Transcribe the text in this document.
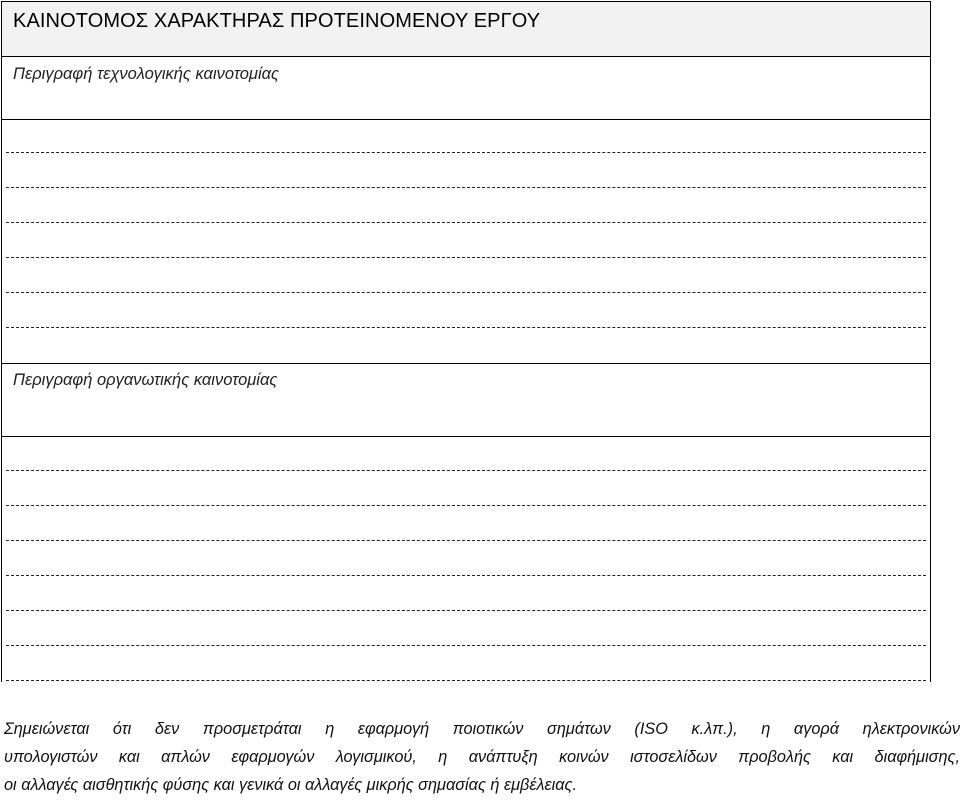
ΚΑΙΝΟΤΟΜΟΣ ΧΑΡΑΚΤΗΡΑΣ ΠΡΟΤΕΙΝΟΜΕΝΟΥ ΕΡΓΟΥ
Περιγραφή τεχνολογικής καινοτομίας
Περιγραφή οργανωτικής καινοτομίας
Σημειώνεται ότι δεν προσμετράται η εφαρμογή ποιοτικών σημάτων (ISO κ.λπ.), η αγορά ηλεκτρονικών
υπολογιστών και απλών εφαρμογών λογισμικού, η ανάπτυξη κοινών ιστοσελίδων προβολής και διαφήμισης,
οι αλλαγές αισθητικής φύσης και γενικά οι αλλαγές μικρής σημασίας ή εμβέλειας.
